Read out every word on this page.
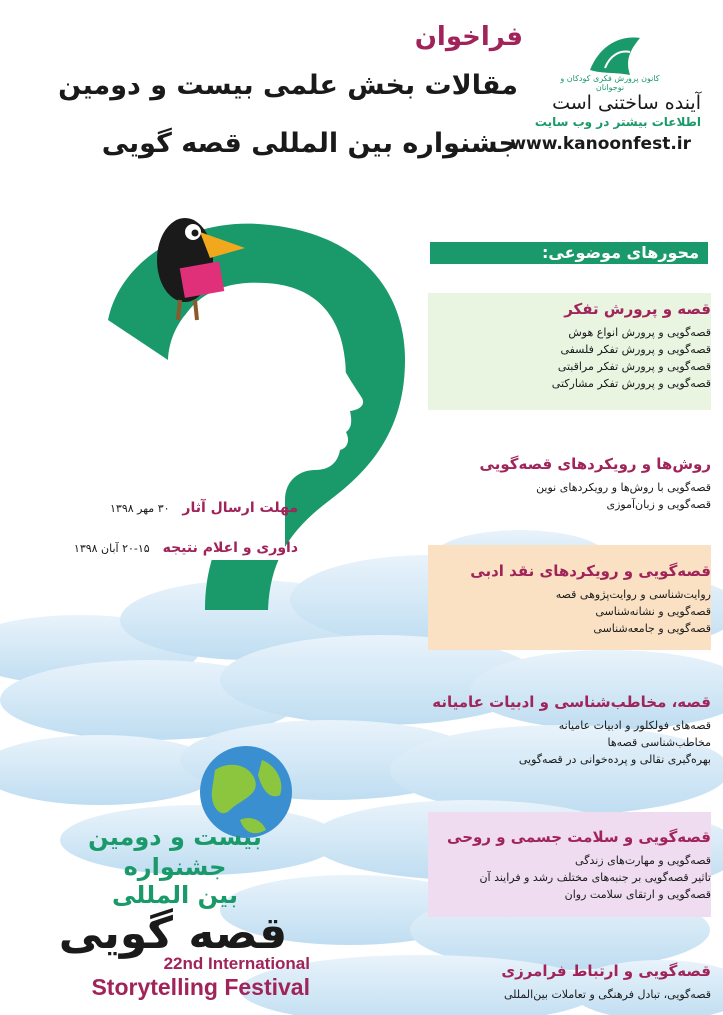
فراخوان
مقالات بخش علمی بیست و دومین
جشنواره بین المللی قصه گویی
کانون پرورش فکری کودکان و نوجوانان
آینده ساختنی است
اطلاعات بیشتر در وب سایت
www.kanoonfest.ir
محورهای موضوعی:
قصه و پرورش تفکر
قصه‌گویی و پرورش انواع هوش
قصه‌گویی و پرورش تفکر فلسفی
قصه‌گویی و پرورش تفکر مراقبتی
قصه‌گویی و پرورش تفکر مشارکتی
روش‌ها و رویکردهای قصه‌گویی
قصه‌گویی با روش‌ها و رویکردهای نوین
قصه‌گویی و زبان‌آموزی
قصه‌گویی و رویکردهای نقد ادبی
روایت‌شناسی و روایت‌پژوهی قصه
قصه‌گویی و نشانه‌شناسی
قصه‌گویی و جامعه‌شناسی
قصه، مخاطب‌شناسی و ادبیات عامیانه
قصه‌های فولکلور و ادبیات عامیانه
مخاطب‌شناسی قصه‌ها
بهره‌گیری نقالی و پرده‌خوانی در قصه‌گویی
قصه‌گویی و سلامت جسمی و روحی
قصه‌گویی و مهارت‌های زندگی
تاثیر قصه‌گویی بر جنبه‌های مختلف رشد و فرایند آن
قصه‌گویی و ارتقای سلامت روان
قصه‌گویی و ارتباط فرامرزی
قصه‌گویی، تبادل فرهنگی و تعاملات بین‌المللی
مهلت ارسال آثار ۳۰ مهر ۱۳۹۸
داوری و اعلام نتیجه ۲۰-۱۵ آبان ۱۳۹۸
بیست و دومین
جشنواره
بین المللی
قصه گویی
22nd International
Storytelling Festival
